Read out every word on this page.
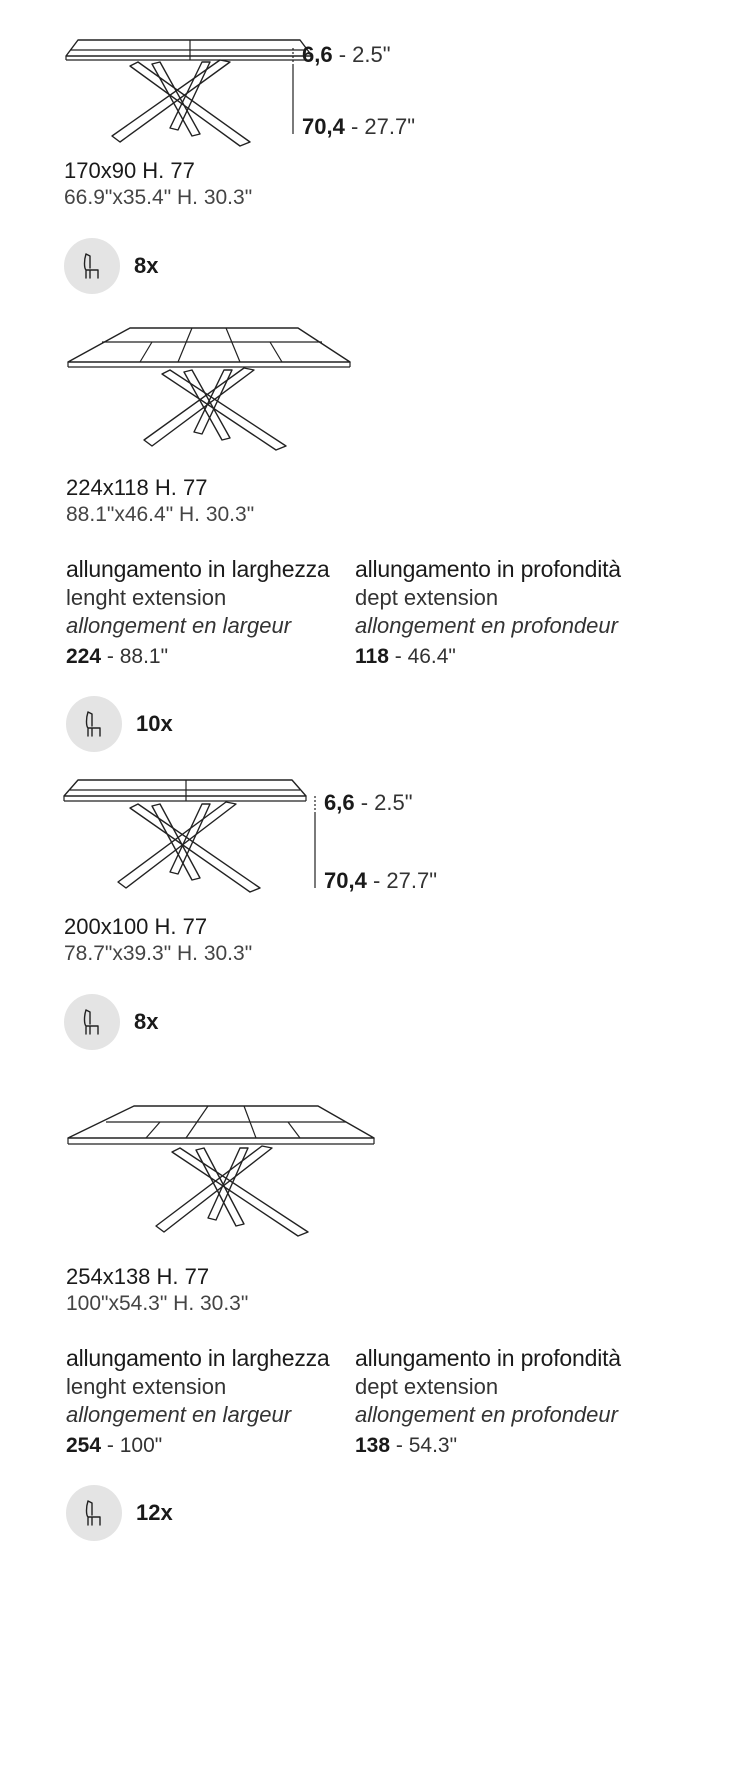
6,6 - 2.5"
70,4 - 27.7"
170x90 H. 77
66.9"x35.4" H. 30.3"
8x
224x118 H. 77
88.1"x46.4" H. 30.3"
allungamento in larghezza
lenght extension
allongement en largeur
224 - 88.1"
allungamento in profondità
dept extension
allongement en profondeur
118 - 46.4"
10x
6,6 - 2.5"
70,4 - 27.7"
200x100 H. 77
78.7"x39.3" H. 30.3"
8x
254x138 H. 77
100"x54.3" H. 30.3"
allungamento in larghezza
lenght extension
allongement en largeur
254 - 100"
allungamento in profondità
dept extension
allongement en profondeur
138 - 54.3"
12x
